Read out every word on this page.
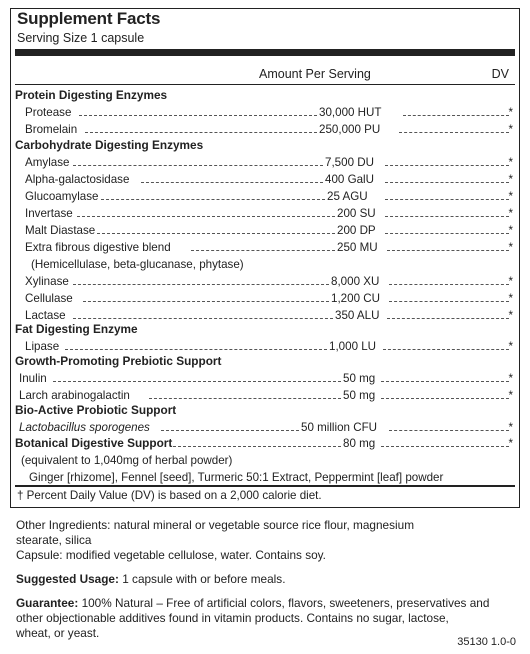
Supplement Facts
Serving Size 1 capsule
Amount Per Serving	DV
Protein Digesting Enzymes
Protease	30,000 HUT	*
Bromelain	250,000 PU	*
Carbohydrate Digesting Enzymes
Amylase	7,500 DU	*
Alpha-galactosidase	400 GalU	*
Glucoamylase	25 AGU	*
Invertase	200 SU	*
Malt Diastase	200 DP	*
Extra fibrous digestive blend	250 MU	*
(Hemicellulase, beta-glucanase, phytase)
Xylinase	8,000 XU	*
Cellulase	1,200 CU	*
Lactase	350 ALU	*
Fat Digesting Enzyme
Lipase	1,000 LU	*
Growth-Promoting Prebiotic Support
Inulin	50 mg	*
Larch arabinogalactin	50 mg	*
Bio-Active Probiotic Support
Lactobacillus sporogenes	50 million CFU	*
Botanical Digestive Support	80 mg	*
(equivalent to 1,040mg of herbal powder)
Ginger [rhizome], Fennel [seed], Turmeric 50:1 Extract, Peppermint [leaf] powder
† Percent Daily Value (DV) is based on a 2,000 calorie diet.
Other Ingredients: natural mineral or vegetable source rice flour, magnesium
stearate, silica
Capsule: modified vegetable cellulose, water. Contains soy.
Suggested Usage: 1 capsule with or before meals.
Guarantee: 100% Natural – Free of artificial colors, flavors, sweeteners, preservatives and
other objectionable additives found in vitamin products. Contains no sugar, lactose,
wheat, or yeast.
35130 1.0-0
